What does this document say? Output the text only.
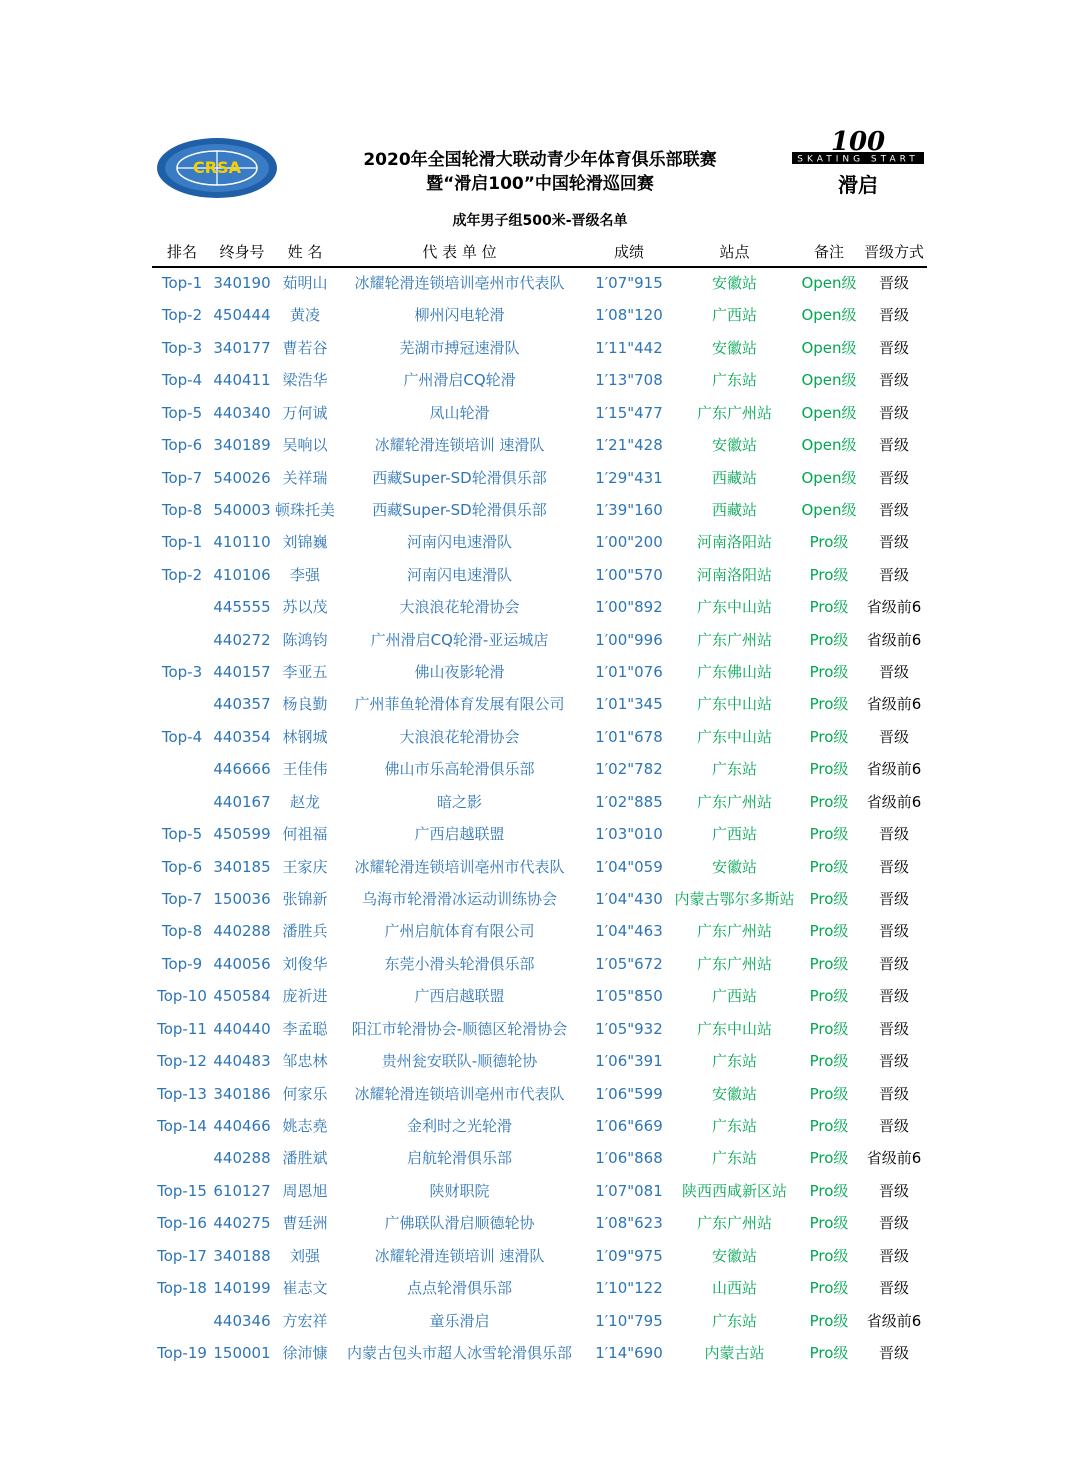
CRSA	2020年全国轮滑大联动青少年体育俱乐部联赛
暨“滑启100”中国轮滑巡回赛
SKATING START
100
滑启
成年男子组500米-晋级名单
排名	终身号	姓 名	代 表 单 位	成绩	站点	备注	晋级方式
Top-1 340190 茹明山	冰耀轮滑连锁培训亳州市代表队	1′07"915	安徽站	Open级	晋级
Top-2 450444	黄凌	柳州闪电轮滑	1′08"120	广西站	Open级	晋级
Top-3 340177 曹若谷	芜湖市搏冠速滑队	1′11"442	安徽站	Open级	晋级
Top-4 440411 梁浩华	广州滑启CQ轮滑	1′13"708	广东站	Open级	晋级
Top-5 440340 万何诚	凤山轮滑	1′15"477	广东广州站	Open级	晋级
Top-6 340189 吴响以	冰耀轮滑连锁培训 速滑队	1′21"428	安徽站	Open级	晋级
Top-7 540026 关祥瑞	西藏Super-SD轮滑俱乐部	1′29"431	西藏站	Open级	晋级
Top-8 540003 顿珠托美	西藏Super-SD轮滑俱乐部	1′39"160	西藏站	Open级	晋级
Top-1 410110 刘锦巍	河南闪电速滑队	1′00"200	河南洛阳站	Pro级	晋级
Top-2 410106	李强	河南闪电速滑队	1′00"570	河南洛阳站	Pro级	晋级
445555 苏以茂	大浪浪花轮滑协会	1′00"892	广东中山站	Pro级	省级前6
440272 陈鸿钧	广州滑启CQ轮滑-亚运城店	1′00"996	广东广州站	Pro级	省级前6
Top-3 440157 李亚五	佛山夜影轮滑	1′01"076	广东佛山站	Pro级	晋级
440357 杨良勤	广州菲鱼轮滑体育发展有限公司	1′01"345	广东中山站	Pro级	省级前6
Top-4 440354 林钢城	大浪浪花轮滑协会	1′01"678	广东中山站	Pro级	晋级
446666 王佳伟	佛山市乐高轮滑俱乐部	1′02"782	广东站	Pro级	省级前6
440167	赵龙	暗之影	1′02"885	广东广州站	Pro级	省级前6
Top-5 450599 何祖福	广西启越联盟	1′03"010	广西站	Pro级	晋级
Top-6 340185 王家庆	冰耀轮滑连锁培训亳州市代表队	1′04"059	安徽站	Pro级	晋级
Top-7 150036 张锦新	乌海市轮滑滑冰运动训练协会	1′04"430 内蒙古鄂尔多斯站	Pro级	晋级
Top-8 440288 潘胜兵	广州启航体育有限公司	1′04"463	广东广州站	Pro级	晋级
Top-9 440056 刘俊华	东莞小滑头轮滑俱乐部	1′05"672	广东广州站	Pro级	晋级
Top-10 450584 庞祈进	广西启越联盟	1′05"850	广西站	Pro级	晋级
Top-11 440440 李孟聪	阳江市轮滑协会-顺德区轮滑协会	1′05"932	广东中山站	Pro级	晋级
Top-12 440483 邹忠林	贵州瓮安联队-顺德轮协	1′06"391	广东站	Pro级	晋级
Top-13 340186 何家乐	冰耀轮滑连锁培训亳州市代表队	1′06"599	安徽站	Pro级	晋级
Top-14 440466 姚志堯	金利时之光轮滑	1′06"669	广东站	Pro级	晋级
440288 潘胜斌	启航轮滑俱乐部	1′06"868	广东站	Pro级	省级前6
Top-15 610127 周恩旭	陕财职院	1′07"081	陕西西咸新区站	Pro级	晋级
Top-16 440275 曹廷洲	广佛联队滑启顺德轮协	1′08"623	广东广州站	Pro级	晋级
Top-17 340188	刘强	冰耀轮滑连锁培训 速滑队	1′09"975	安徽站	Pro级	晋级
Top-18 140199 崔志文	点点轮滑俱乐部	1′10"122	山西站	Pro级	晋级
440346 方宏祥	童乐滑启	1′10"795	广东站	Pro级	省级前6
Top-19 150001 徐沛慷	内蒙古包头市超人冰雪轮滑俱乐部	1′14"690	内蒙古站	Pro级	晋级
